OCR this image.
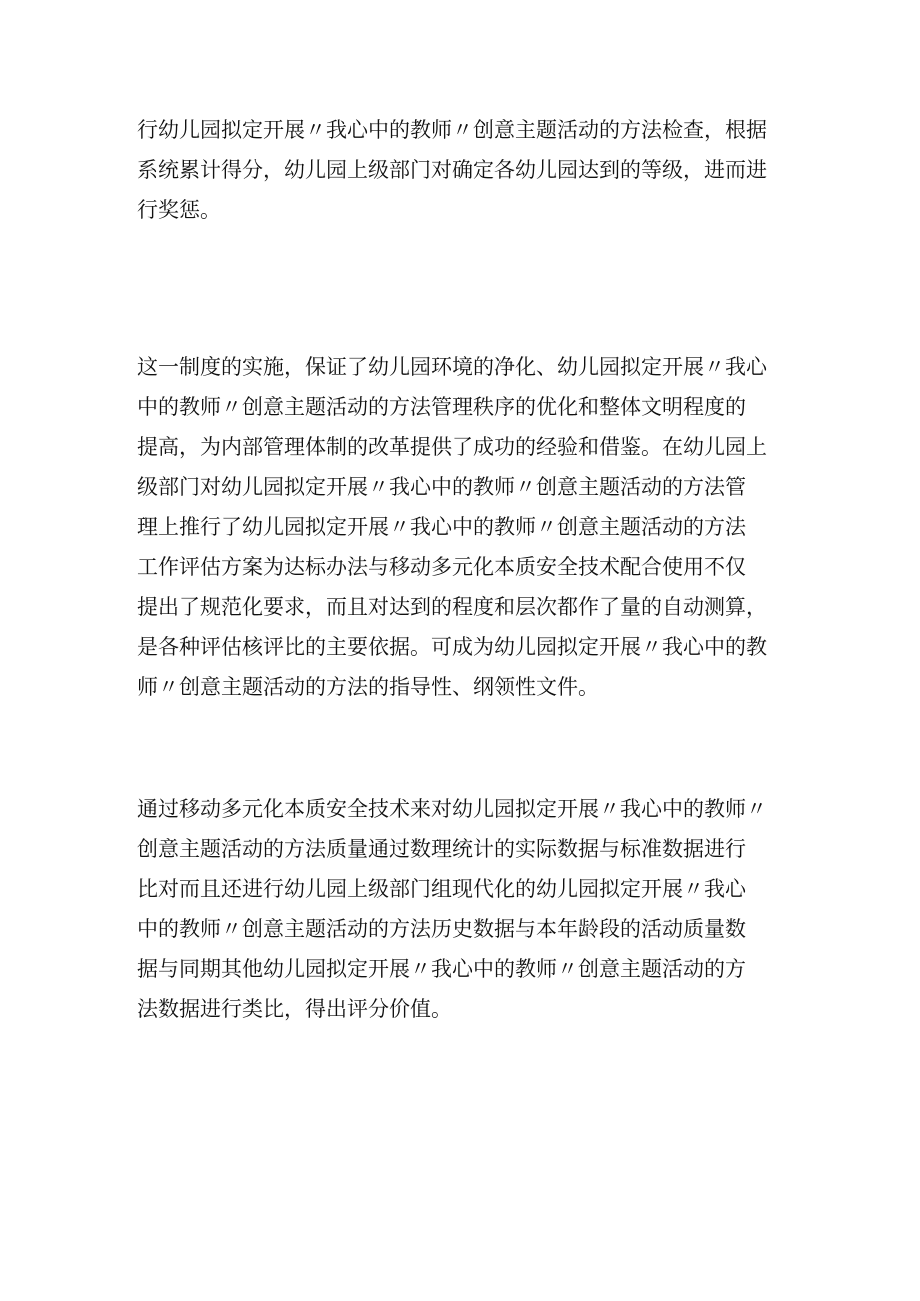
行幼儿园拟定开展〃我心中的教师〃创意主题活动的方法检查，根据
系统累计得分，幼儿园上级部门对确定各幼儿园达到的等级，进而进
行奖惩。

这一制度的实施，保证了幼儿园环境的净化、幼儿园拟定开展〃我心
中的教师〃创意主题活动的方法管理秩序的优化和整体文明程度的
提高，为内部管理体制的改革提供了成功的经验和借鉴。在幼儿园上
级部门对幼儿园拟定开展〃我心中的教师〃创意主题活动的方法管
理上推行了幼儿园拟定开展〃我心中的教师〃创意主题活动的方法
工作评估方案为达标办法与移动多元化本质安全技术配合使用不仅
提出了规范化要求，而且对达到的程度和层次都作了量的自动测算，
是各种评估核评比的主要依据。可成为幼儿园拟定开展〃我心中的教
师〃创意主题活动的方法的指导性、纲领性文件。

通过移动多元化本质安全技术来对幼儿园拟定开展〃我心中的教师〃
创意主题活动的方法质量通过数理统计的实际数据与标准数据进行
比对而且还进行幼儿园上级部门组现代化的幼儿园拟定开展〃我心
中的教师〃创意主题活动的方法历史数据与本年龄段的活动质量数
据与同期其他幼儿园拟定开展〃我心中的教师〃创意主题活动的方
法数据进行类比，得出评分价值。
